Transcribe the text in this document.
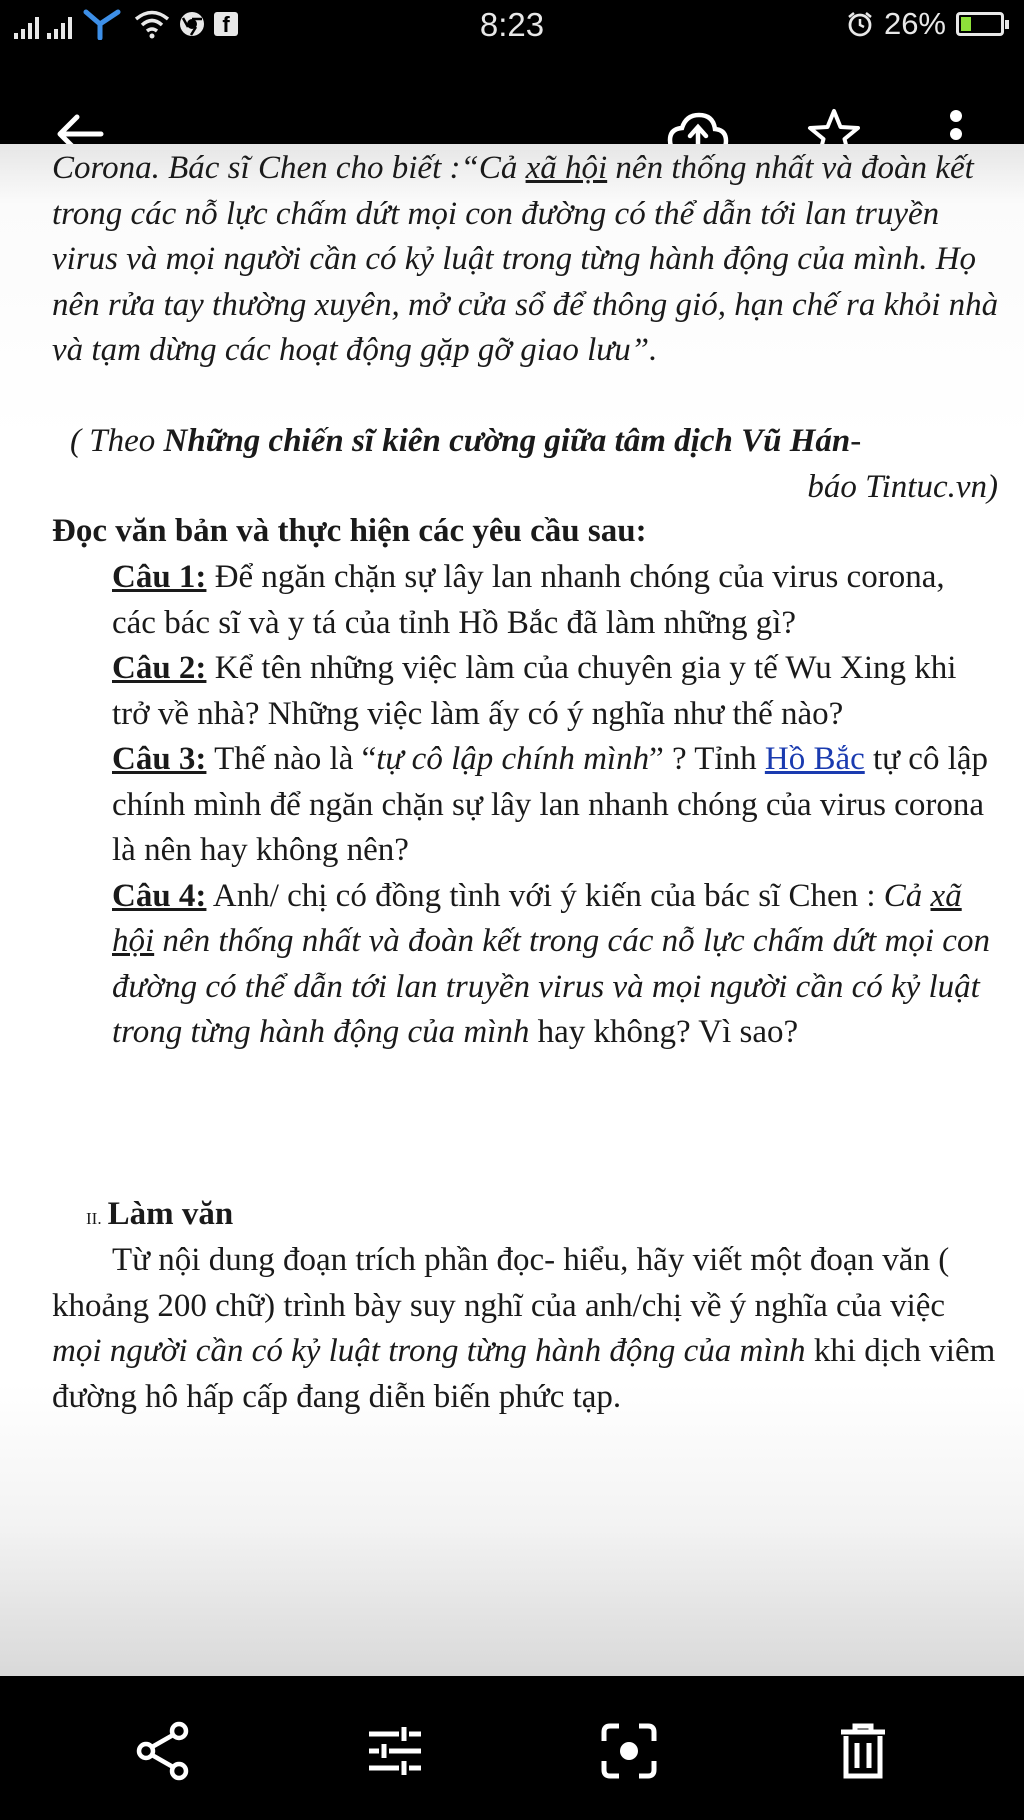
f	8:23	26%

Corona. Bác sĩ Chen cho biết :“Cả xã hội nên thống nhất và đoàn kết trong các nỗ lực chấm dứt mọi con đường có thể dẫn tới lan truyền virus và mọi người cần có kỷ luật trong từng hành động của mình. Họ nên rửa tay thường xuyên, mở cửa sổ để thông gió, hạn chế ra khỏi nhà và tạm dừng các hoạt động gặp gỡ giao lưu”.

( Theo Những chiến sĩ kiên cường giữa tâm dịch Vũ Hán-

báo Tintuc.vn)

Đọc văn bản và thực hiện các yêu cầu sau:

Câu 1: Để ngăn chặn sự lây lan nhanh chóng của virus corona, các bác sĩ và y tá của tỉnh Hồ Bắc đã làm những gì?

Câu 2: Kể tên những việc làm của chuyên gia y tế Wu Xing khi trở về nhà? Những việc làm ấy có ý nghĩa như thế nào?

Câu 3: Thế nào là “tự cô lập chính mình” ? Tỉnh Hồ Bắc tự cô lập chính mình để ngăn chặn sự lây lan nhanh chóng của virus corona là nên hay không nên?

Câu 4: Anh/ chị có đồng tình với ý kiến của bác sĩ Chen : Cả xã hội nên thống nhất và đoàn kết trong các nỗ lực chấm dứt mọi con đường có thể dẫn tới lan truyền virus và mọi người cần có kỷ luật trong từng hành động của mình hay không? Vì sao?

II. Làm văn

Từ nội dung đoạn trích phần đọc- hiểu, hãy viết một đoạn văn ( khoảng 200 chữ) trình bày suy nghĩ của anh/chị về ý nghĩa của việc mọi người cần có kỷ luật trong từng hành động của mình khi dịch viêm đường hô hấp cấp đang diễn biến phức tạp.
